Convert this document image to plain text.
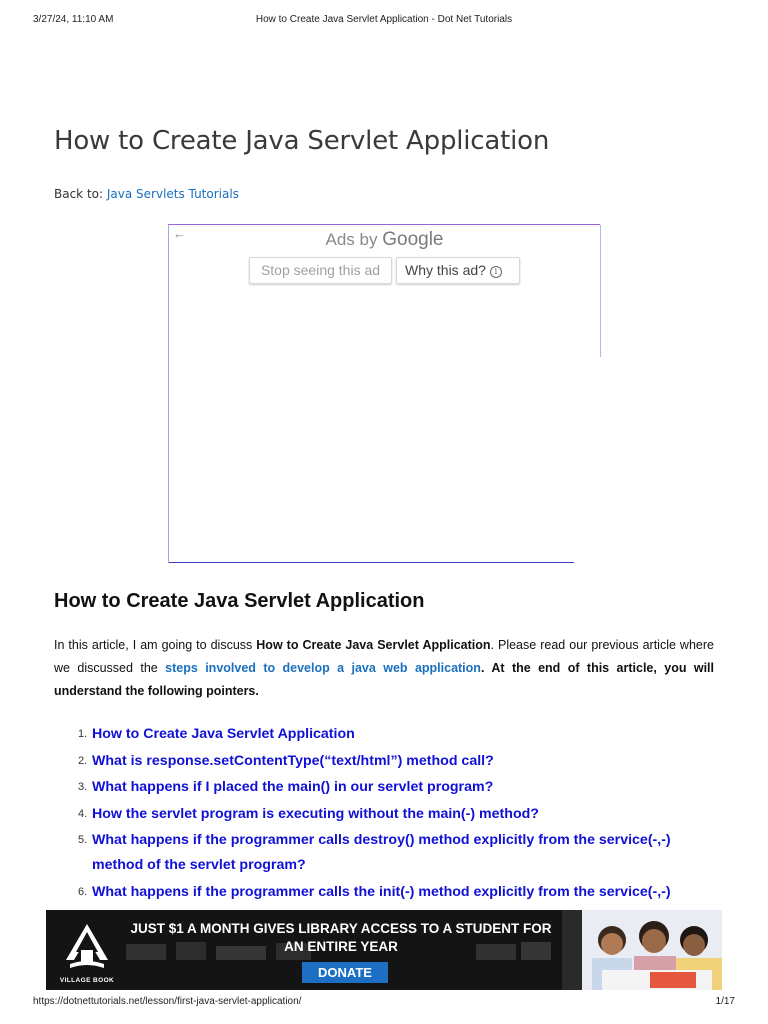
3/27/24, 11:10 AM	How to Create Java Servlet Application - Dot Net Tutorials
How to Create Java Servlet Application
Back to: Java Servlets Tutorials
←	Ads by Google
Stop seeing this ad	Why this ad? i
How to Create Java Servlet Application

In this article, I am going to discuss How to Create Java Servlet Application. Please read our previous article where we discussed the steps involved to develop a java web application. At the end of this article, you will understand the following pointers.

1. How to Create Java Servlet Application
2. What is response.setContentType(“text/html”) method call?
3. What happens if I placed the main() in our servlet program?
4. How the servlet program is executing without the main(-) method?
5. What happens if the programmer calls destroy() method explicitly from the service(-,-) method of the servlet program?
6. What happens if the programmer calls the init(-) method explicitly from the service(-,-)
VILLAGE BOOK
JUST $1 A MONTH GIVES LIBRARY ACCESS TO A STUDENT FOR
AN ENTIRE YEAR
DONATE
https://dotnettutorials.net/lesson/first-java-servlet-application/	1/17
